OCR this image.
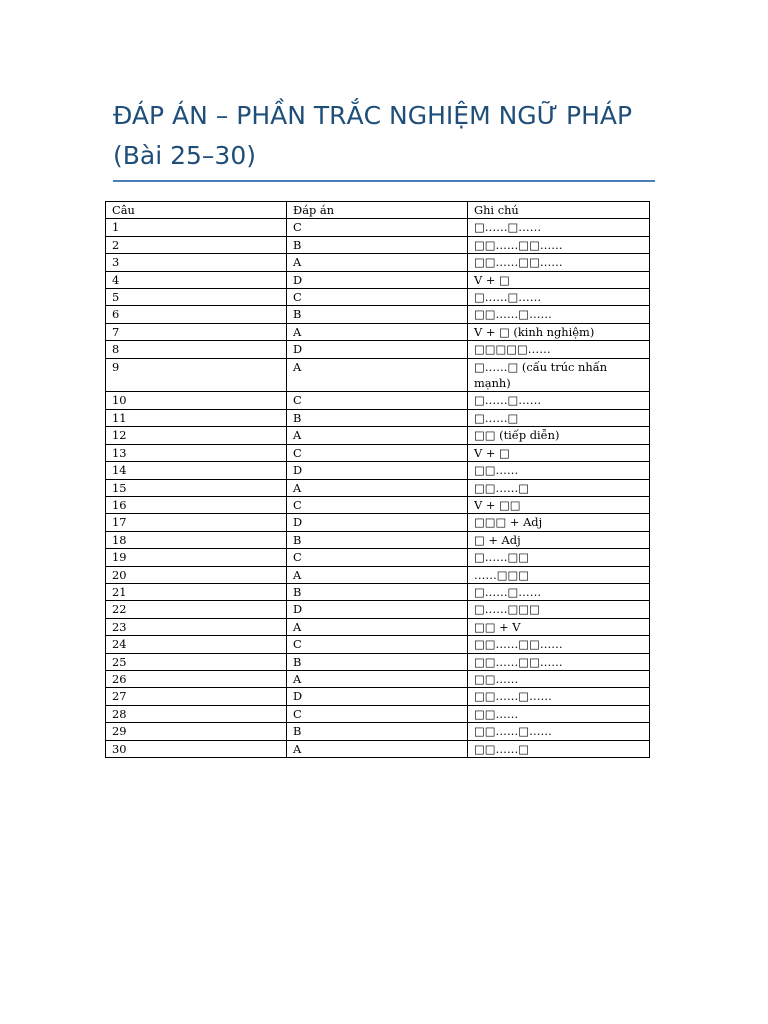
ĐÁP ÁN – PHẦN TRẮC NGHIỆM NGỮ PHÁP (Bài 25–30)
Câu	Đáp án	Ghi chú
1	C	□……□……
2	B	□□……□□……
3	A	□□……□□……
4	D	V + □
5	C	□……□……
6	B	□□……□……
7	A	V + □ (kinh nghiệm)
8	D	□□□□□……
9	A	□……□ (cấu trúc nhấn mạnh)
10	C	□……□……
11	B	□……□
12	A	□□ (tiếp diễn)
13	C	V + □
14	D	□□……
15	A	□□……□
16	C	V + □□
17	D	□□□ + Adj
18	B	□ + Adj
19	C	□……□□
20	A	……□□□
21	B	□……□……
22	D	□……□□□
23	A	□□ + V
24	C	□□……□□……
25	B	□□……□□……
26	A	□□……
27	D	□□……□……
28	C	□□……
29	B	□□……□……
30	A	□□……□
